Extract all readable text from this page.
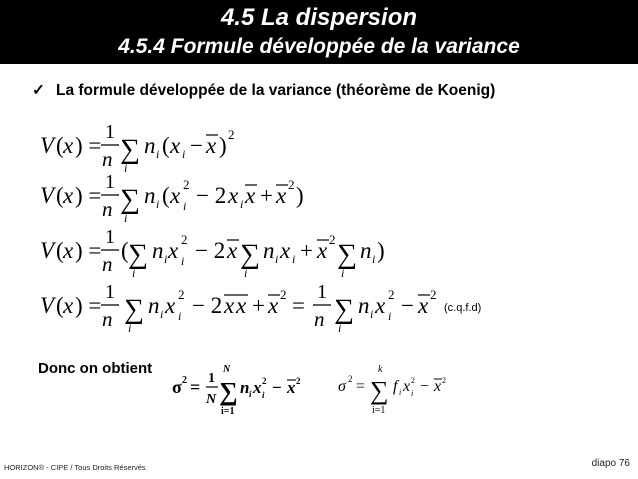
4.5 La dispersion
4.5.4 Formule développée de la variance
✓ La formule développée de la variance (théorème de Koenig)
V ( x ) =
1
n ∑
i
n i ( x i − x ) 2
V ( x ) =
1
n ∑
i
n i ( x 2
i − 2 x i x + x 2 )
V ( x ) =
1
n
( ∑
i
n i x 2
i − 2 x ∑
i
n i x i + x 2 ∑
i
n i )
V ( x ) =
1
n ∑
i
n i x 2
i − 2 x x + x 2 =
1
n ∑
i
n i x 2
i − x 2
(c.q.f.d)
Donc on obtient
σ 2 = 1
N
N
∑
i=1
n i x 2
i − x 2 σ 2 =
k
∑
i=1
f i x 2
i − x 2
HORIZON® - CIPE / Tous Droits Réservés	diapo 76
